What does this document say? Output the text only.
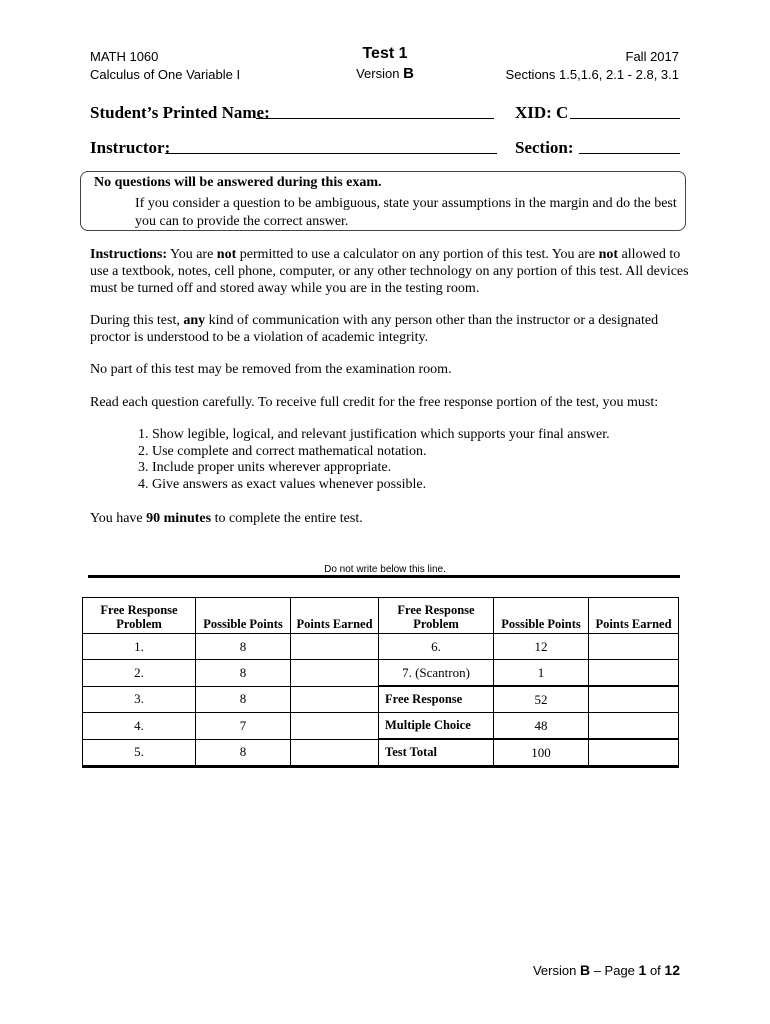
MATH 1060
Calculus of One Variable I
Test 1
Version B
Fall 2017
Sections 1.5,1.6, 2.1 - 2.8, 3.1
Student’s Printed Name:	XID: C
Instructor:	Section:
No questions will be answered during this exam.
If you consider a question to be ambiguous, state your assumptions in the margin and do the best you can to provide the correct answer.
Instructions: You are not permitted to use a calculator on any portion of this test. You are not allowed to use a textbook, notes, cell phone, computer, or any other technology on any portion of this test. All devices must be turned off and stored away while you are in the testing room.
During this test, any kind of communication with any person other than the instructor or a designated proctor is understood to be a violation of academic integrity.
No part of this test may be removed from the examination room.
Read each question carefully. To receive full credit for the free response portion of the test, you must:
1. Show legible, logical, and relevant justification which supports your final answer.
2. Use complete and correct mathematical notation.
3. Include proper units wherever appropriate.
4. Give answers as exact values whenever possible.
You have 90 minutes to complete the entire test.
Do not write below this line.
Free Response Problem	Possible Points	Points Earned	Free Response Problem	Possible Points	Points Earned
1.	8		6.	12	
2.	8		7. (Scantron)	1	
3.	8		Free Response	52	
4.	7		Multiple Choice	48	
5.	8		Test Total	100	
Version B – Page 1 of 12
